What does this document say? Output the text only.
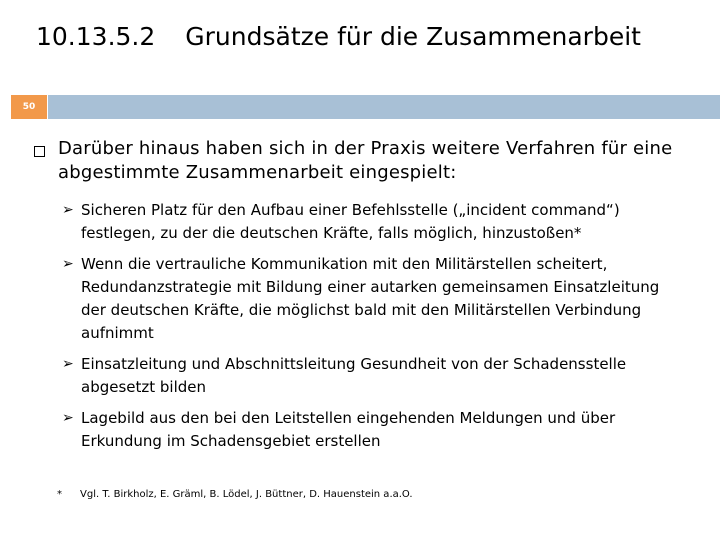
10.13.5.2 Grundsätze für die Zusammenarbeit
50
Darüber hinaus haben sich in der Praxis weitere Verfahren für eine abgestimmte Zusammenarbeit eingespielt:
➢ Sicheren Platz für den Aufbau einer Befehlsstelle („incident command“) festlegen, zu der die deutschen Kräfte, falls möglich, hinzustoßen*
➢ Wenn die vertrauliche Kommunikation mit den Militärstellen scheitert, Redundanzstrategie mit Bildung einer autarken gemeinsamen Einsatzleitung der deutschen Kräfte, die möglichst bald mit den Militärstellen Verbindung aufnimmt
➢ Einsatzleitung und Abschnittsleitung Gesundheit von der Schadensstelle abgesetzt bilden
➢ Lagebild aus den bei den Leitstellen eingehenden Meldungen und über Erkundung im Schadensgebiet erstellen
* Vgl. T. Birkholz, E. Gräml, B. Lödel, J. Büttner, D. Hauenstein a.a.O.
